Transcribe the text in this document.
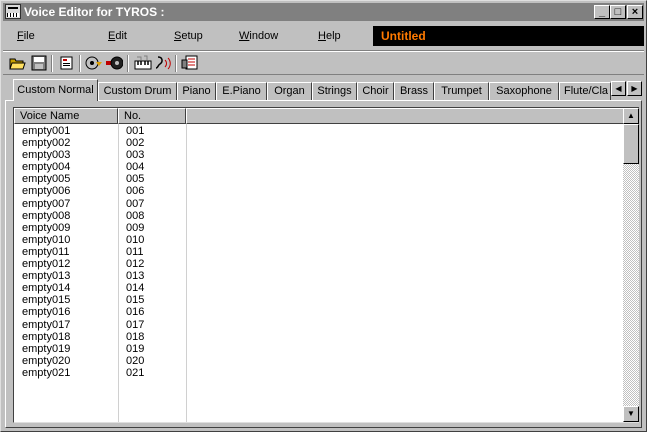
Voice Editor for TYROS :	_ □ ×
File	Edit	Setup	Window	Help	Untitled
Custom Normal Custom Drum	Piano	E.Piano	Organ	Strings Choir	Brass	Trumpet	Saxophone	Flute/Cla ◀	▶
Voice Name	No.
empty001	001
empty002	002
empty003	003
empty004	004
empty005	005
empty006	006
empty007	007
empty008	008
empty009	009
empty010	010
empty011	011
empty012	012
empty013	013
empty014	014
empty015	015
empty016	016
empty017	017
empty018	018
empty019	019
empty020	020
empty021	021
▲
▼
